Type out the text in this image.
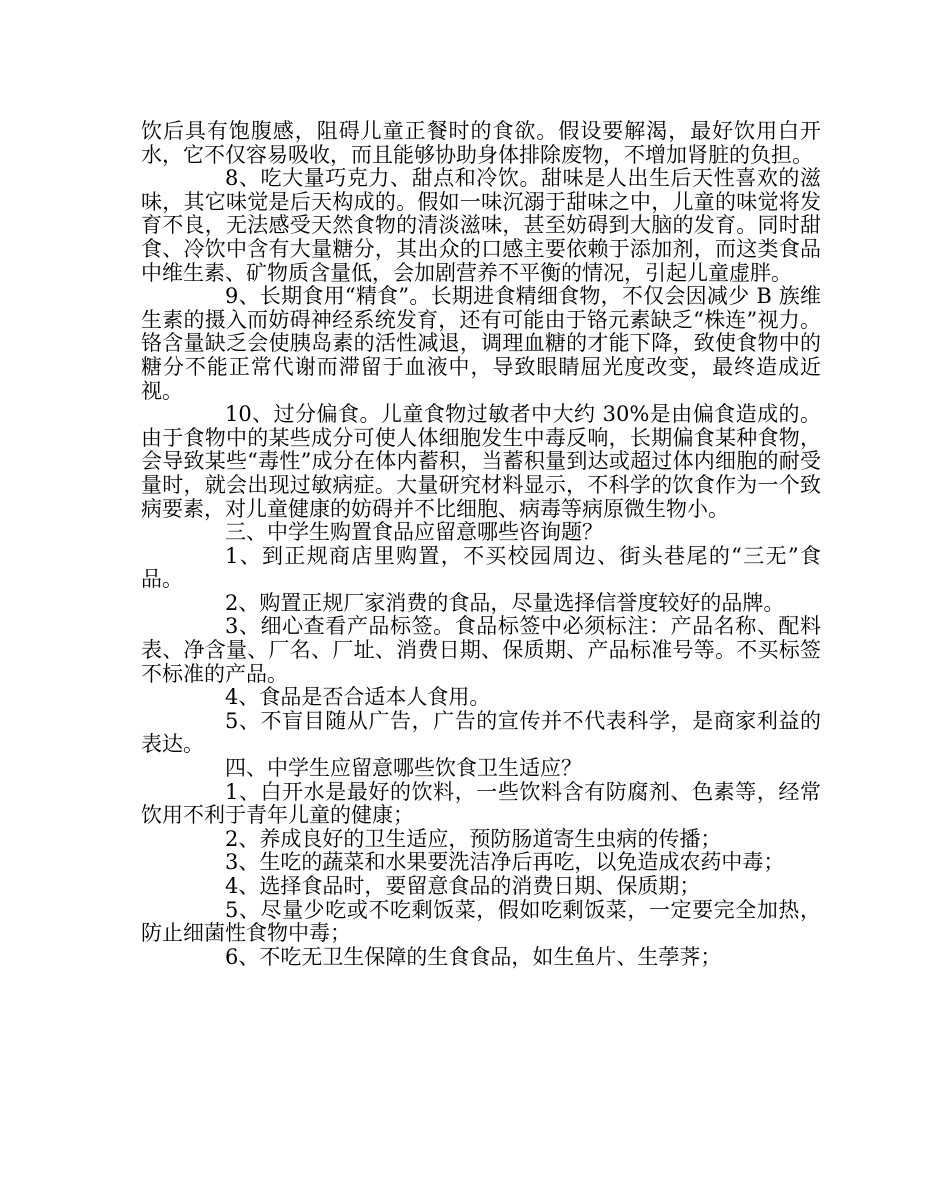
饮后具有饱腹感，阻碍儿童正餐时的食欲。假设要解渴，最好饮用白开水，它不仅容易吸收，而且能够协助身体排除废物，不增加肾脏的负担。

8、吃大量巧克力、甜点和冷饮。甜味是人出生后天性喜欢的滋味，其它味觉是后天构成的。假如一味沉溺于甜味之中，儿童的味觉将发育不良，无法感受天然食物的清淡滋味，甚至妨碍到大脑的发育。同时甜食、冷饮中含有大量糖分，其出众的口感主要依赖于添加剂，而这类食品中维生素、矿物质含量低，会加剧营养不平衡的情况，引起儿童虚胖。

9、长期食用“精食”。长期进食精细食物，不仅会因减少 B 族维生素的摄入而妨碍神经系统发育，还有可能由于铬元素缺乏“株连”视力。铬含量缺乏会使胰岛素的活性减退，调理血糖的才能下降，致使食物中的糖分不能正常代谢而滞留于血液中，导致眼睛屈光度改变，最终造成近视。

10、过分偏食。儿童食物过敏者中大约 30%是由偏食造成的。由于食物中的某些成分可使人体细胞发生中毒反响，长期偏食某种食物，会导致某些“毒性”成分在体内蓄积，当蓄积量到达或超过体内细胞的耐受量时，就会出现过敏病症。大量研究材料显示，不科学的饮食作为一个致病要素，对儿童健康的妨碍并不比细胞、病毒等病原微生物小。

三、中学生购置食品应留意哪些咨询题？

1、到正规商店里购置，不买校园周边、街头巷尾的“三无”食品。

2、购置正规厂家消费的食品，尽量选择信誉度较好的品牌。

3、细心查看产品标签。食品标签中必须标注：产品名称、配料表、净含量、厂名、厂址、消费日期、保质期、产品标准号等。不买标签不标准的产品。

4、食品是否合适本人食用。

5、不盲目随从广告，广告的宣传并不代表科学，是商家利益的表达。

四、中学生应留意哪些饮食卫生适应？

1、白开水是最好的饮料，一些饮料含有防腐剂、色素等，经常饮用不利于青年儿童的健康；

2、养成良好的卫生适应，预防肠道寄生虫病的传播；

3、生吃的蔬菜和水果要洗洁净后再吃，以免造成农药中毒；

4、选择食品时，要留意食品的消费日期、保质期；

5、尽量少吃或不吃剩饭菜，假如吃剩饭菜，一定要完全加热，防止细菌性食物中毒；

6、不吃无卫生保障的生食食品，如生鱼片、生荸荠；
